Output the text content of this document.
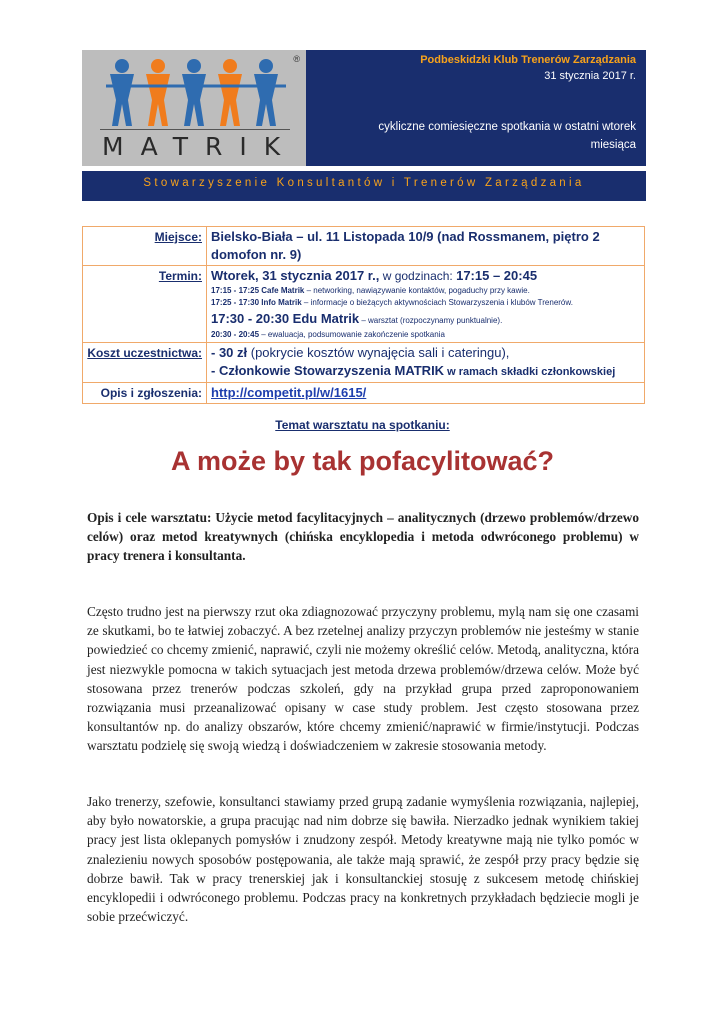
®
MATRIK
Podbeskidzki Klub Trenerów Zarządzania
31 stycznia 2017 r.
cykliczne comiesięczne spotkania w ostatni wtorek miesiąca
Stowarzyszenie Konsultantów i Trenerów Zarządzania
Miejsce:	Bielsko-Biała – ul. 11 Listopada 10/9 (nad Rossmanem, piętro 2 domofon nr. 9)
Termin:	Wtorek, 31 stycznia 2017 r., w godzinach: 17:15 – 20:45
17:15 - 17:25 Cafe Matrik – networking, nawiązywanie kontaktów, pogaduchy przy kawie.
17:25 - 17:30 Info Matrik – informacje o bieżących aktywnościach Stowarzyszenia i klubów Trenerów.
17:30 - 20:30 Edu Matrik – warsztat (rozpoczynamy punktualnie).
20:30 - 20:45 – ewaluacja, podsumowanie zakończenie spotkania

Koszt uczestnictwa:	- 30 zł (pokrycie kosztów wynajęcia sali i cateringu),
- Członkowie Stowarzyszenia MATRIK w ramach składki członkowskiej

Opis i zgłoszenia:	http://competit.pl/w/1615/
Temat warsztatu na spotkaniu:
A może by tak pofacylitować?
Opis i cele warsztatu: Użycie metod facylitacyjnych – analitycznych (drzewo problemów/drzewo celów) oraz metod kreatywnych (chińska encyklopedia i metoda odwróconego problemu) w pracy trenera i konsultanta.
Często trudno jest na pierwszy rzut oka zdiagnozować przyczyny problemu, mylą nam się one czasami ze skutkami, bo te łatwiej zobaczyć. A bez rzetelnej analizy przyczyn problemów nie jesteśmy w stanie powiedzieć co chcemy zmienić, naprawić, czyli nie możemy określić celów. Metodą, analityczna, która jest niezwykle pomocna w takich sytuacjach jest metoda drzewa problemów/drzewa celów. Może być stosowana przez trenerów podczas szkoleń, gdy na przykład grupa przed zaproponowaniem rozwiązania musi przeanalizować opisany w case study problem. Jest często stosowana przez konsultantów np. do analizy obszarów, które chcemy zmienić/naprawić w firmie/instytucji. Podczas warsztatu podzielę się swoją wiedzą i doświadczeniem w zakresie stosowania metody.
Jako trenerzy, szefowie, konsultanci stawiamy przed grupą zadanie wymyślenia rozwiązania, najlepiej, aby było nowatorskie, a grupa pracując nad nim dobrze się bawiła. Nierzadko jednak wynikiem takiej pracy jest lista oklepanych pomysłów i znudzony zespół. Metody kreatywne mają nie tylko pomóc w znalezieniu nowych sposobów postępowania, ale także mają sprawić, że zespół przy pracy będzie się dobrze bawił. Tak w pracy trenerskiej jak i konsultanckiej stosuję z sukcesem metodę chińskiej encyklopedii i odwróconego problemu. Podczas pracy na konkretnych przykładach będziecie mogli je sobie przećwiczyć.
